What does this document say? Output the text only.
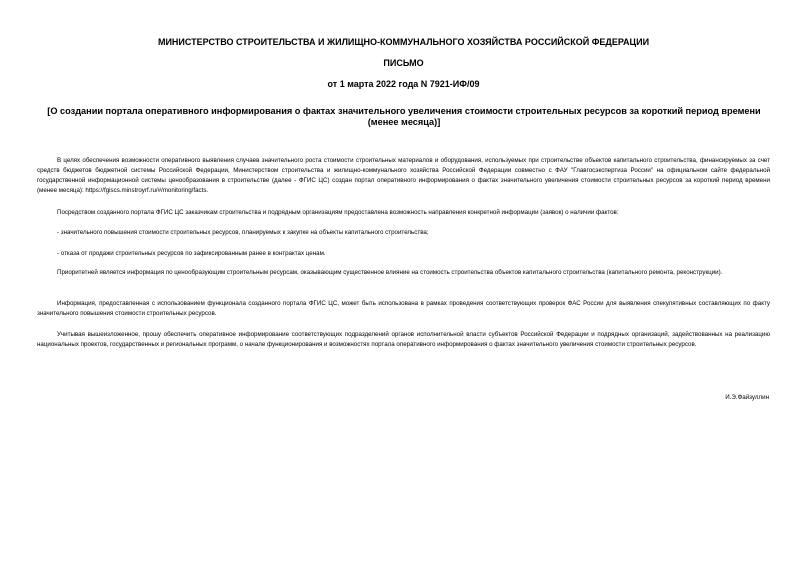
МИНИСТЕРСТВО СТРОИТЕЛЬСТВА И ЖИЛИЩНО-КОММУНАЛЬНОГО ХОЗЯЙСТВА РОССИЙСКОЙ ФЕДЕРАЦИИ

ПИСЬМО

от 1 марта 2022 года N 7921-ИФ/09

[О создании портала оперативного информирования о фактах значительного увеличения стоимости строительных ресурсов за короткий период времени (менее месяца)]

В целях обеспечения возможности оперативного выявления случаев значительного роста стоимости строительных материалов и оборудования, используемых при строительстве объектов капитального строительства, финансируемых за счет средств бюджетов бюджетной системы Российской Федерации, Министерством строительства и жилищно-коммунального хозяйства Российской Федерации совместно с ФАУ "Главгосэкспертиза России" на официальном сайте федеральной государственной информационной системы ценообразования в строительстве (далее - ФГИС ЦС) создан портал оперативного информирования о фактах значительного увеличения стоимости строительных ресурсов за короткий период времени (менее месяца): https://fgiscs.minstroyrf.ru/#/monitoring/facts.

Посредством созданного портала ФГИС ЦС заказчикам строительства и подрядным организациям предоставлена возможность направления конкретной информации (заявок) о наличии фактов:

- значительного повышения стоимости строительных ресурсов, планируемых к закупке на объекты капитального строительства;

- отказа от продажи строительных ресурсов по зафиксированным ранее в контрактах ценам.

Приоритетней является информация по ценообразующим строительным ресурсам, оказывающим существенное влияние на стоимость строительства объектов капитального строительства (капитального ремонта, реконструкции).

Информация, предоставленная с использованием функционала созданного портала ФГИС ЦС, может быть использована в рамках проведения соответствующих проверок ФАС России для выявления спекулятивных составляющих по факту значительного повышения стоимости строительных ресурсов.

Учитывая вышеизложенное, прошу обеспечить оперативное информирование соответствующих подразделений органов исполнительной власти субъектов Российской Федерации и подрядных организаций, задействованных на реализацию национальных проектов, государственных и региональных программ, о начале функционирования и возможностях портала оперативного информирования о фактах значительного увеличения стоимости строительных ресурсов.

И.Э.Файзуллин
